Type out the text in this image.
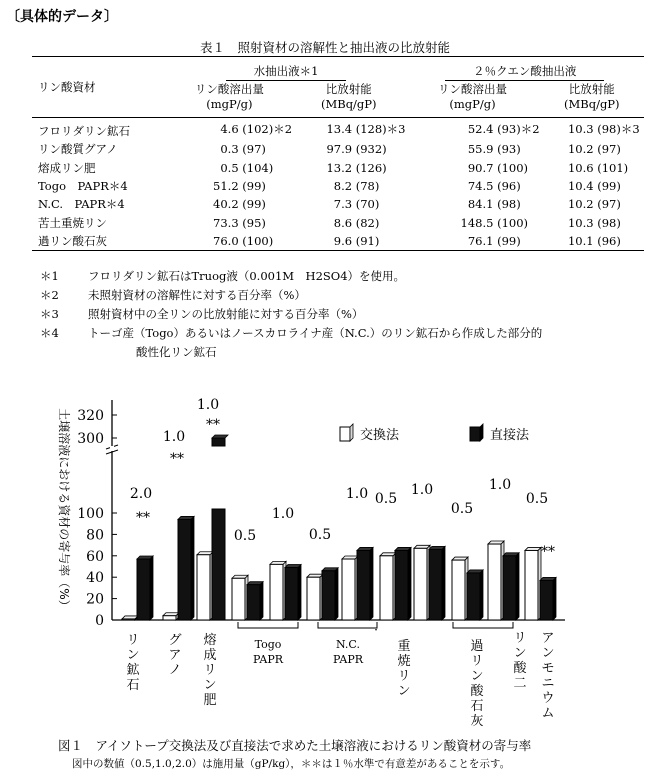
〔具体的データ〕
表１　照射資材の溶解性と抽出液の比放射能
リン酸資材	水抽出液＊1		２％クエン酸抽出液	
	リン酸溶出量	比放射能	リン酸溶出量	比放射能
	(mgP/g)	(MBq/gP)	(mgP/g)	(MBq/gP)
フロリダリン鉱石	4.6 (102)＊2	13.4 (128)＊3	52.4 (93)＊2	10.3 (98)＊3
リン酸質グアノ	0.3 (97)	97.9 (932)	55.9 (93)	10.2 (97)
熔成リン肥	0.5 (104)	13.2 (126)	90.7 (100)	10.6 (101)
Togo　PAPR＊4	51.2 (99)	8.2 (78)	74.5 (96)	10.4 (99)
N.C.　PAPR＊4	40.2 (99)	7.3 (70)	84.1 (98)	10.2 (97)
苦土重焼リン	73.3 (95)	8.6 (82)	148.5 (100)	10.3 (98)
過リン酸石灰	76.0 (100)	9.6 (91)	76.1 (99)	10.1 (96)
＊1	フロリダリン鉱石はTruog液（0.001M　H2SO4）を使用。
＊2	未照射資材の溶解性に対する百分率（%）
＊3	照射資材中の全リンの比放射能に対する百分率（%）
＊4	トーゴ産（Togo）あるいはノースカロライナ産（N.C.）のリン鉱石から作成した部分的
酸性化リン鉱石
0
20
40
60
80
100
300
320
土壌溶液における資材の寄与率（%）	2.0
1.0
1.0
0.5
1.0
0.5
1.0 0.5
1.0
0.5
1.0
0.5
**
**
**
**
交換法	直接法
·
リ
ン
鉱
石
グ
ア
ノ
熔
成
リ
ン
肥
重
焼
リ
ン
過
リ
ン
酸
石
灰
リ
ン
酸
二
ア
ン
モ
ニ
ウ
ム
Togo
PAPR
N.C.
PAPR
図１　アイソトープ交換法及び直接法で求めた土壌溶液におけるリン酸資材の寄与率
図中の数値（0.5,1.0,2.0）は施用量（gP/kg），＊＊は１％水準で有意差があることを示す。
